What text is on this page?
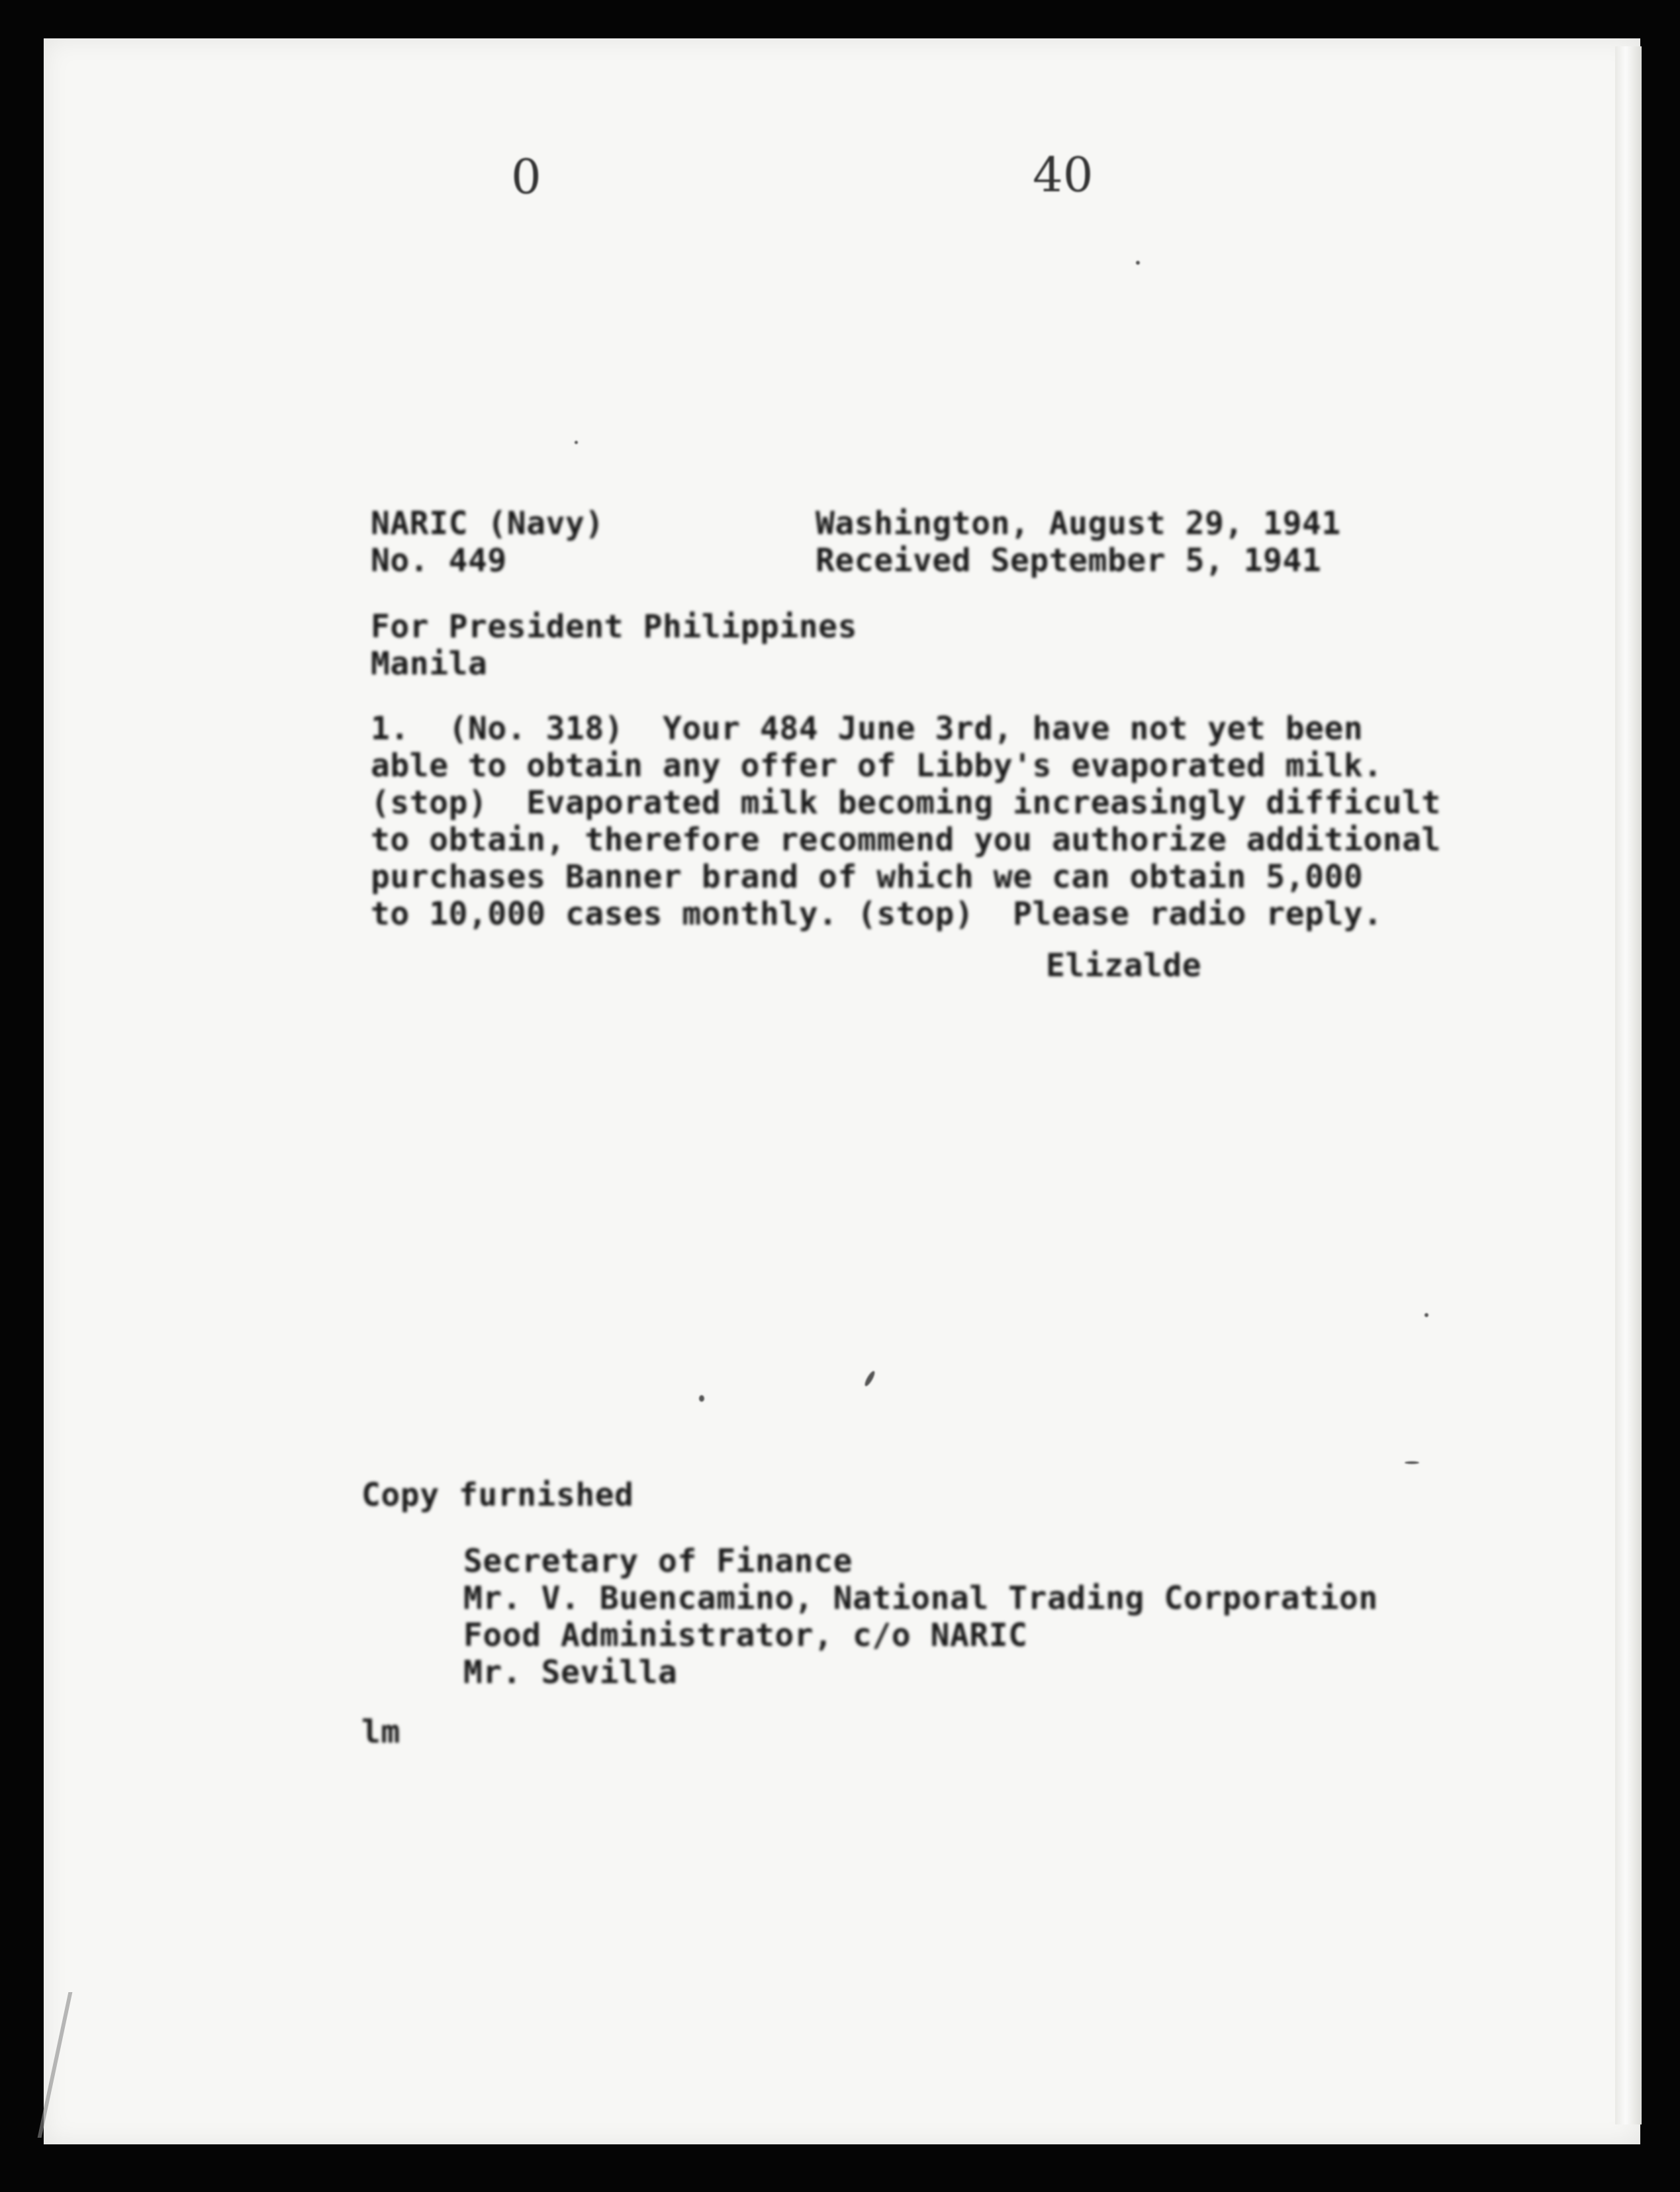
0	40
NARIC (Navy)
No. 449
Washington, August 29, 1941
Received September 5, 1941
For President Philippines
Manila
1.  (No. 318)  Your 484 June 3rd, have not yet been
able to obtain any offer of Libby's evaporated milk.
(stop)  Evaporated milk becoming increasingly difficult
to obtain, therefore recommend you authorize additional
purchases Banner brand of which we can obtain 5,000
to 10,000 cases monthly. (stop)  Please radio reply.
Elizalde
Copy furnished
Secretary of Finance
Mr. V. Buencamino, National Trading Corporation
Food Administrator, c/o NARIC
Mr. Sevilla
lm
